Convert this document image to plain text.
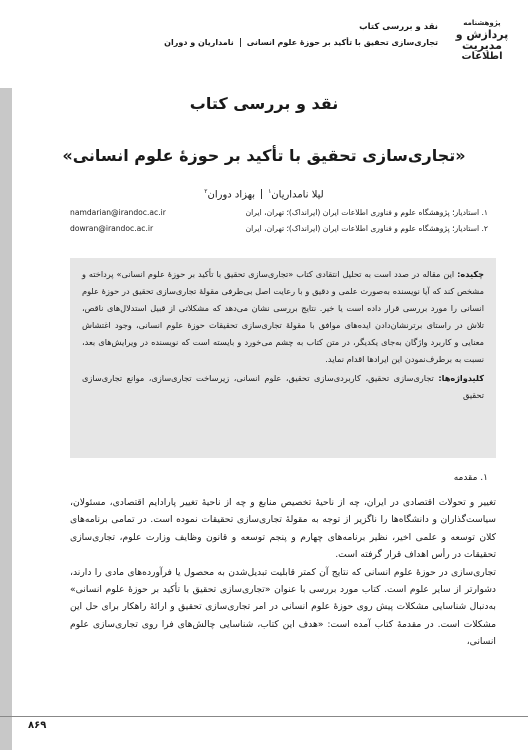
پژوهشنامه
پردازش و
مدیریت
اطلاعات
نقد و بررسی کتاب
تجاری‌سازی تحقیق با تأکید بر حوزۀ علوم انسانینامداریان و دوران
نقد و بررسی کتاب
«تجاری‌سازی تحقیق با تأکید بر حوزۀ علوم انسانی»
لیلا نامداریان$^۱$بهزاد دوران$^۲$
۱. استادیار؛ پژوهشگاه علوم و فناوری اطلاعات ایران (ایرانداک)؛ تهران، ایران
namdarian@irandoc.ac.ir
۲. استادیار؛ پژوهشگاه علوم و فناوری اطلاعات ایران (ایرانداک)؛ تهران، ایران
dowran@irandoc.ac.ir
چکیده: این مقاله در صدد است به تحلیل انتقادی کتاب «تجاری‌سازی تحقیق با تأکید بر حوزۀ علوم انسانی» پرداخته و مشخص کند که آیا نویسنده به‌صورت علمی و دقیق و با رعایت اصل بی‌طرفی مقولۀ تجاری‌سازی تحقیق در حوزۀ علوم انسانی را مورد بررسی قرار داده است یا خیر. نتایج بررسی نشان می‌دهد که مشکلاتی از قبیل استدلال‌های ناقص، تلاش در راستای برترنشان‌دادن ایده‌های موافق با مقولۀ تجاری‌سازی تحقیقات حوزۀ علوم انسانی، وجود اغتشاش معنایی و کاربرد واژگان به‌جای یکدیگر، در متن کتاب به چشم می‌خورد و بایسته است که نویسنده در ویرایش‌های بعد، نسبت به برطرف‌نمودن این ایرادها اقدام نماید.
کلیدواژه‌ها: تجاری‌سازی تحقیق، کاربردی‌سازی تحقیق، علوم انسانی، زیرساخت تجاری‌سازی، موانع تجاری‌سازی تحقیق
۱. مقدمه

تغییر و تحولات اقتصادی در ایران، چه از ناحیۀ تخصیص منابع و چه از ناحیۀ تغییر پارادایم اقتصادی، مسئولان، سیاست‌گذاران و دانشگاه‌ها را ناگزیر از توجه به مقولۀ تجاری‌سازی تحقیقات نموده است. در تمامی برنامه‌های کلان توسعه و علمی اخیر، نظیر برنامه‌های چهارم و پنجم توسعه و قانون وظایف وزارت علوم، تجاری‌سازی تحقیقات در رأس اهداف قرار گرفته است.

تجاری‌سازی در حوزۀ علوم انسانی که نتایج آن کمتر قابلیت تبدیل‌شدن به محصول یا فرآورده‌های مادی را دارند، دشوارتر از سایر علوم است. کتاب مورد بررسی با عنوان «تجاری‌سازی تحقیق با تأکید بر حوزۀ علوم انسانی» به‌دنبال شناسایی مشکلات پیش روی حوزۀ علوم انسانی در امر تجاری‌سازی تحقیق و ارائۀ راهکار برای حل این مشکلات است. در مقدمۀ کتاب آمده است: «هدف این کتاب، شناسایی چالش‌های فرا روی تجاری‌سازی علوم انسانی،

۸۶۹
